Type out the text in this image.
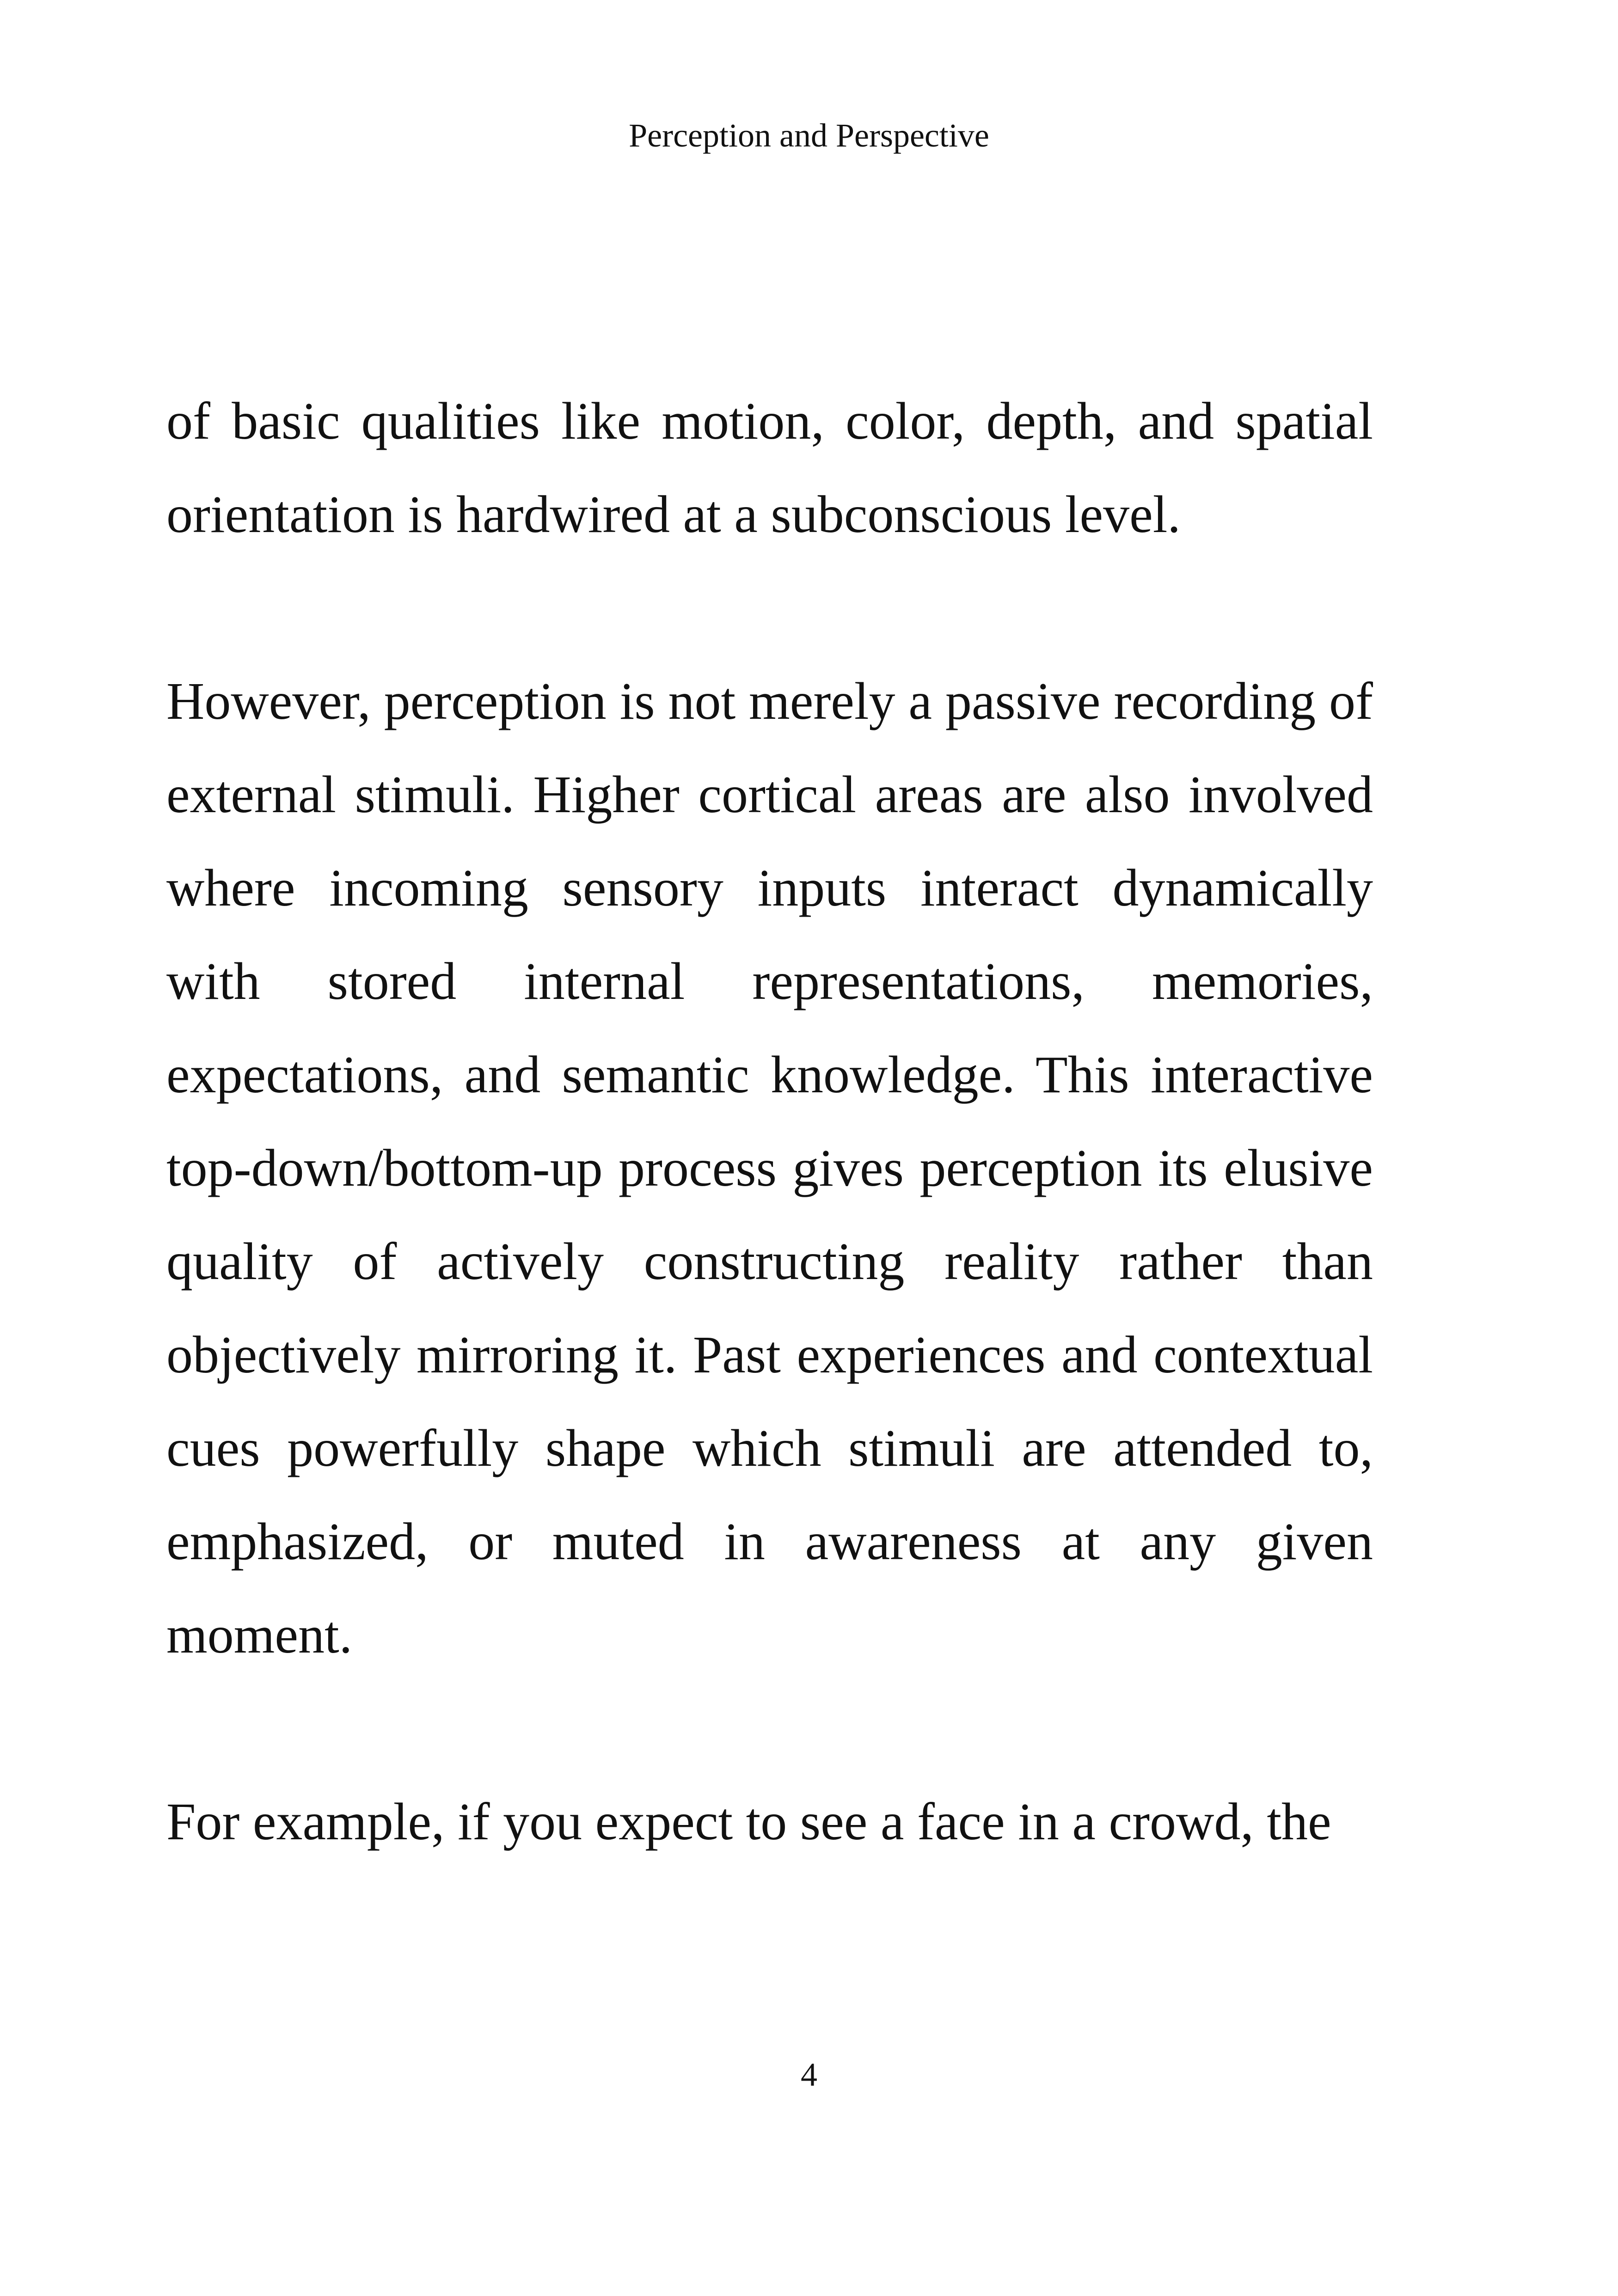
Perception and Perspective

of basic qualities like motion, color, depth, and spatial orientation is hardwired at a subconscious level.

However, perception is not merely a passive recording of external stimuli. Higher cortical areas are also involved where incoming sensory inputs interact dynamically with stored internal representations, memories, expectations, and semantic knowledge. This interactive top-down/bottom-up process gives perception its elusive quality of actively constructing reality rather than objectively mirroring it. Past experiences and contextual cues powerfully shape which stimuli are attended to, emphasized, or muted in awareness at any given moment.

For example, if you expect to see a face in a crowd, the

4
